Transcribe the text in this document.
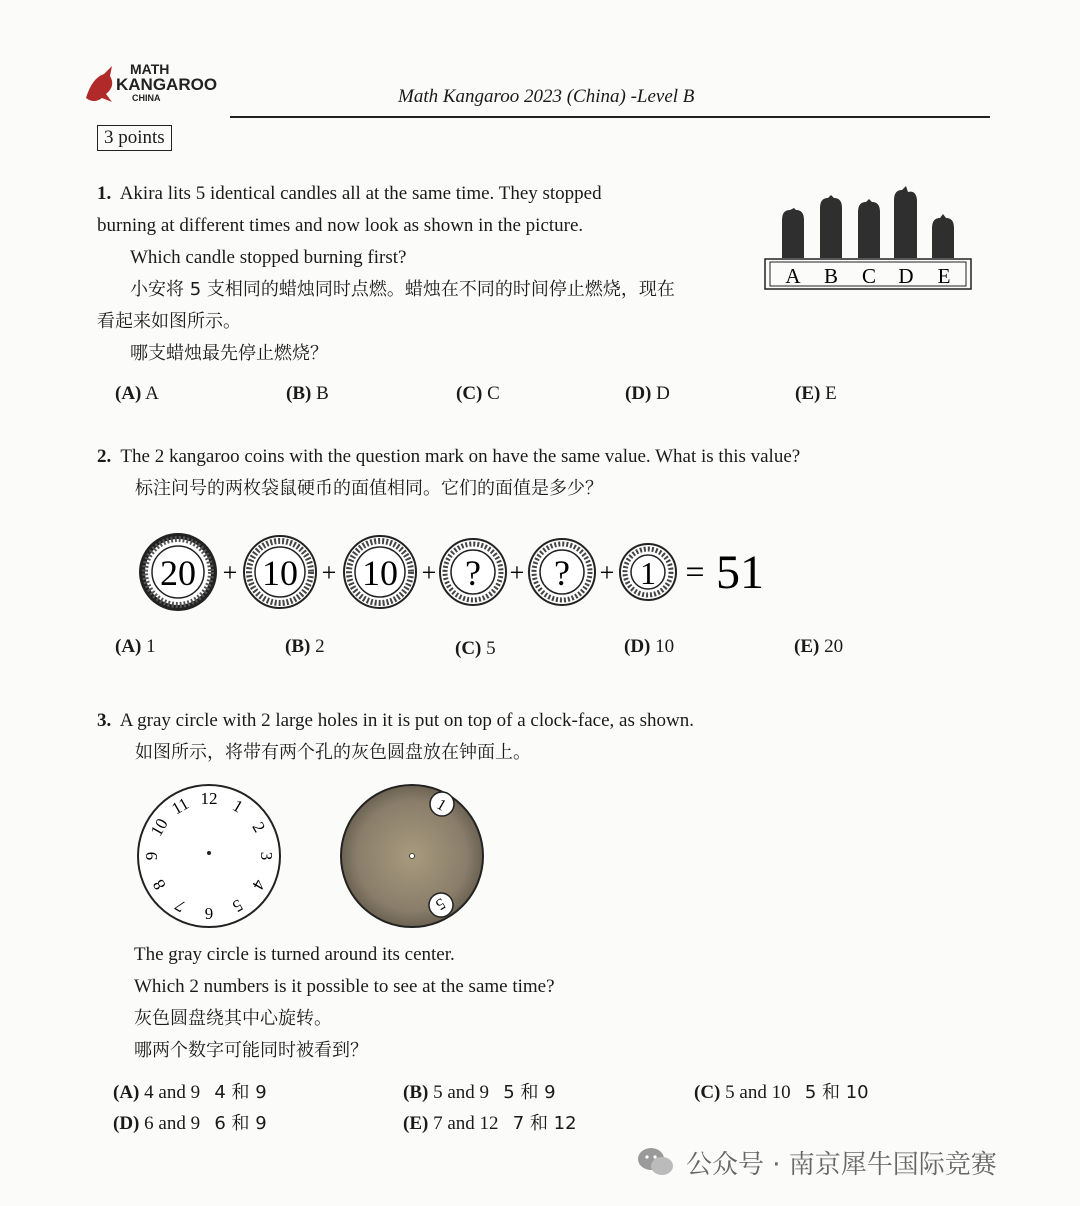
MATH
KANGAROO
CHINA	Math Kangaroo 2023 (China) -Level B
3 points
1. Akira lits 5 identical candles all at the same time. They stopped
burning at different times and now look as shown in the picture.
Which candle stopped burning first?
小安将 5 支相同的蜡烛同时点燃。蜡烛在不同的时间停止燃烧，现在
看起来如图所示。
哪支蜡烛最先停止燃烧？
A B C D E
(A) A	(B) B	(C) C	(D) D	(E) E
2. The 2 kangaroo coins with the question mark on have the same value. What is this value?
标注问号的两枚袋鼠硬币的面值相同。它们的面值是多少？
20 + 10 + 10 + ? + ? + 1 = 51
(A) 1	(B) 2	(C) 5	(D) 10	(E) 20
3. A gray circle with 2 large holes in it is put on top of a clock-face, as shown.
如图所示，将带有两个孔的灰色圆盘放在钟面上。
1
2
3
4
5
6
7
8
9
10
11 12	1
5
The gray circle is turned around its center.
Which 2 numbers is it possible to see at the same time?
灰色圆盘绕其中心旋转。
哪两个数字可能同时被看到？
(A) 4 and 9 4 和 9	(B) 5 and 9 5 和 9	(C) 5 and 10 5 和 10
(D) 6 and 9 6 和 9	(E) 7 and 12 7 和 12
公众号 · 南京犀牛国际竞赛
